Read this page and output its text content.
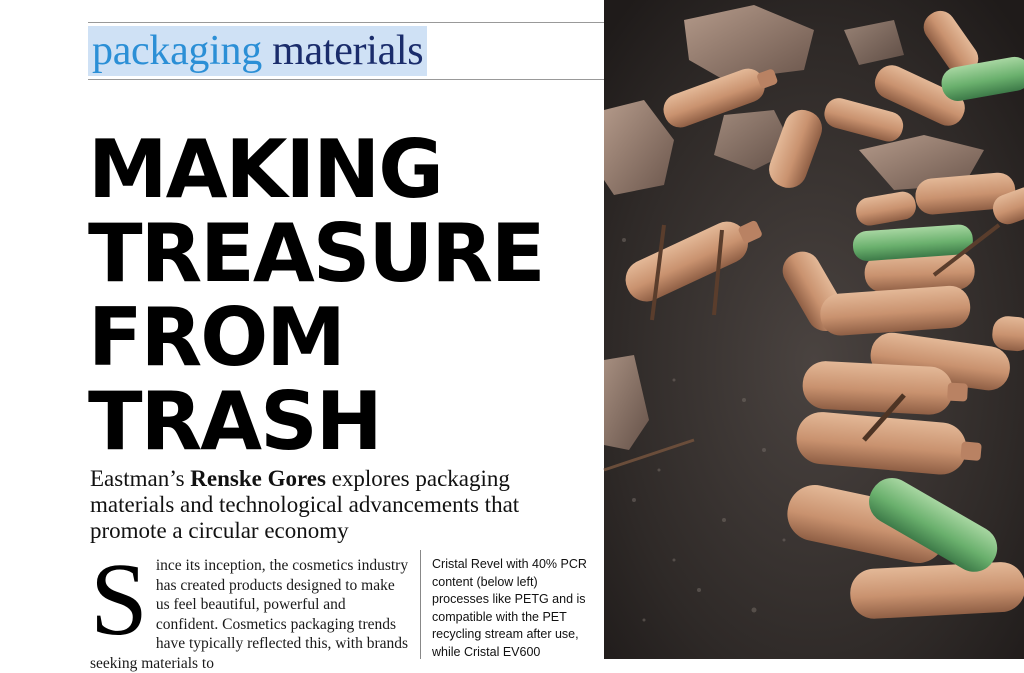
packaging materials
MAKING
TREASURE
FROM
TRASH
Eastman’s Renske Gores explores packaging materials and technological advancements that promote a circular economy
S ince its inception, the cosmetics industry has created products designed to make us feel beautiful, powerful and confident. Cosmetics packaging trends have typically reflected this, with brands seeking materials to
Cristal Revel with 40% PCR content (below left) processes like PETG and is compatible with the PET recycling stream after use, while Cristal EV600
